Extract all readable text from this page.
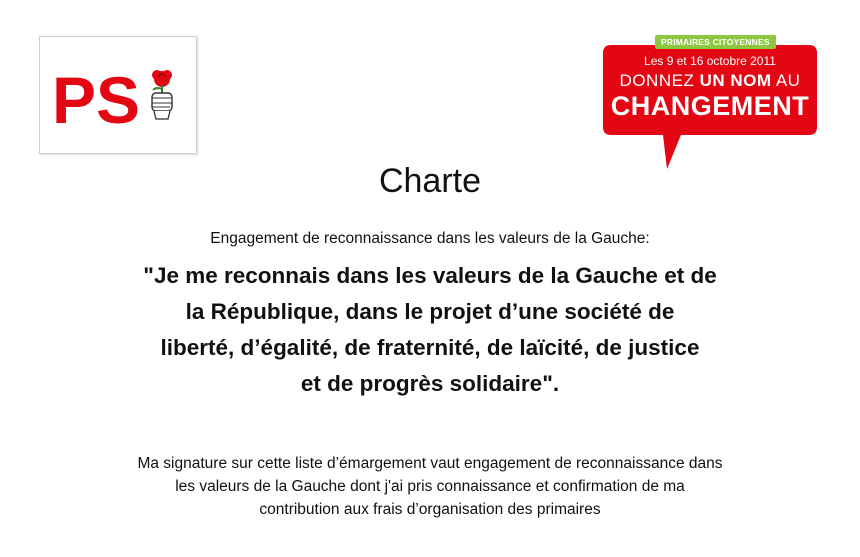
PS
PRIMAIRES CITOYENNES
Les 9 et 16 octobre 2011
DONNEZ UN NOM AU
CHANGEMENT
Charte
Engagement de reconnaissance dans les valeurs de la Gauche:
"Je me reconnais dans les valeurs de la Gauche et de
la République, dans le projet d’une société de
liberté, d’égalité, de fraternité, de laïcité, de justice
et de progrès solidaire".
Ma signature sur cette liste d’émargement vaut engagement de reconnaissance dans
les valeurs de la Gauche dont j'ai pris connaissance et confirmation de ma
contribution aux frais d’organisation des primaires
